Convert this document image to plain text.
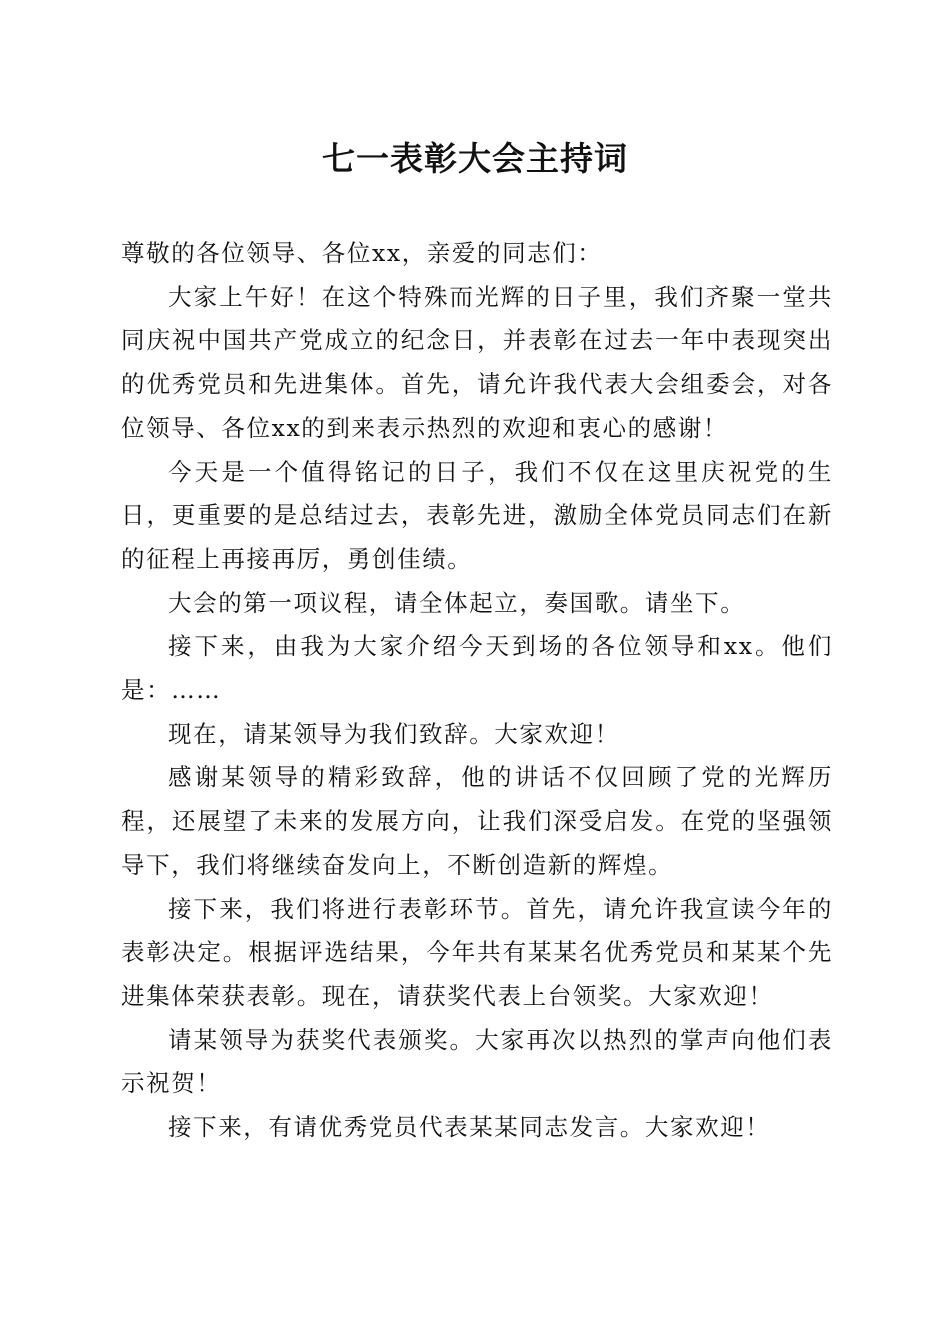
七一表彰大会主持词

尊敬的各位领导、各位xx，亲爱的同志们：

大家上午好！在这个特殊而光辉的日子里，我们齐聚一堂共同庆祝中国共产党成立的纪念日，并表彰在过去一年中表现突出的优秀党员和先进集体。首先，请允许我代表大会组委会，对各位领导、各位xx的到来表示热烈的欢迎和衷心的感谢！

今天是一个值得铭记的日子，我们不仅在这里庆祝党的生日，更重要的是总结过去，表彰先进，激励全体党员同志们在新的征程上再接再厉，勇创佳绩。

大会的第一项议程，请全体起立，奏国歌。请坐下。

接下来，由我为大家介绍今天到场的各位领导和xx。他们是：……

现在，请某领导为我们致辞。大家欢迎！

感谢某领导的精彩致辞，他的讲话不仅回顾了党的光辉历程，还展望了未来的发展方向，让我们深受启发。在党的坚强领导下，我们将继续奋发向上，不断创造新的辉煌。

接下来，我们将进行表彰环节。首先，请允许我宣读今年的表彰决定。根据评选结果，今年共有某某名优秀党员和某某个先进集体荣获表彰。现在，请获奖代表上台领奖。大家欢迎！

请某领导为获奖代表颁奖。大家再次以热烈的掌声向他们表示祝贺！

接下来，有请优秀党员代表某某同志发言。大家欢迎！
